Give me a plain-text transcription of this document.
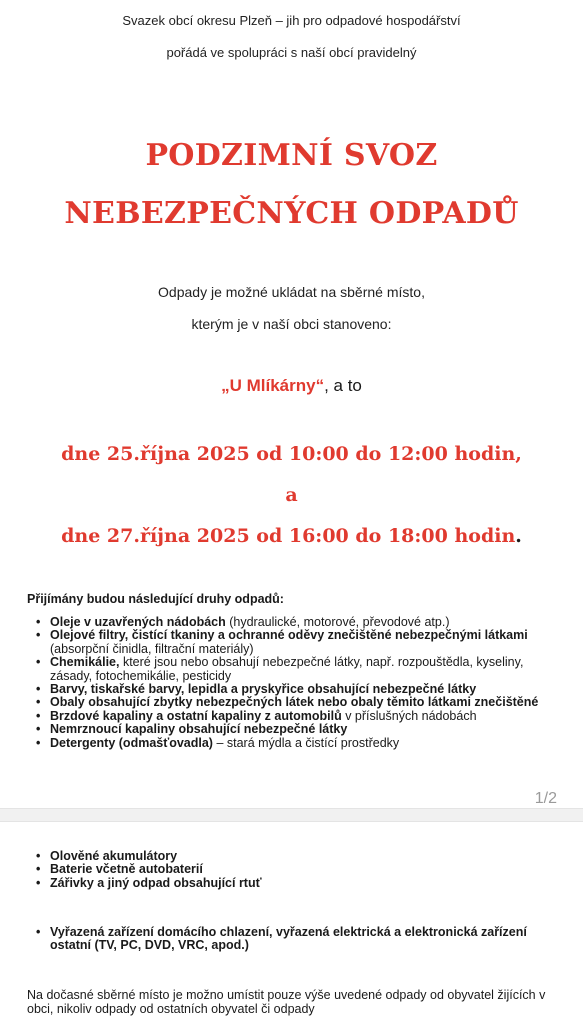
Svazek obcí okresu Plzeň – jih pro odpadové hospodářství
pořádá ve spolupráci s naší obcí pravidelný
PODZIMNÍ SVOZ
NEBEZPEČNÝCH ODPADŮ
Odpady je možné ukládat na sběrné místo,
kterým je v naší obci stanoveno:
„U Mlíkárny“, a to
dne 25.října 2025 od 10:00 do 12:00 hodin,
a
dne 27.října 2025 od 16:00 do 18:00 hodin.
Přijímány budou následující druhy odpadů:
• Oleje v uzavřených nádobách (hydraulické, motorové, převodové atp.)
• Olejové filtry, čistící tkaniny a ochranné oděvy znečištěné nebezpečnými látkami (absorpční činidla, filtrační materiály)
• Chemikálie, které jsou nebo obsahují nebezpečné látky, např. rozpouštědla, kyseliny, zásady, fotochemikálie, pesticidy
• Barvy, tiskařské barvy, lepidla a pryskyřice obsahující nebezpečné látky
• Obaly obsahující zbytky nebezpečných látek nebo obaly těmito látkami znečištěné
• Brzdové kapaliny a ostatní kapaliny z automobilů v příslušných nádobách
• Nemrznoucí kapaliny obsahující nebezpečné látky
• Detergenty (odmašťovadla) – stará mýdla a čistící prostředky
1/2
• Olověné akumulátory
• Baterie včetně autobaterií
• Zářivky a jiný odpad obsahující rtuť
• Vyřazená zařízení domácího chlazení, vyřazená elektrická a elektronická zařízení ostatní (TV, PC, DVD, VRC, apod.)
Na dočasné sběrné místo je možno umístit pouze výše uvedené odpady od obyvatel žijících v obci, nikoliv odpady od ostatních obyvatel či odpady
